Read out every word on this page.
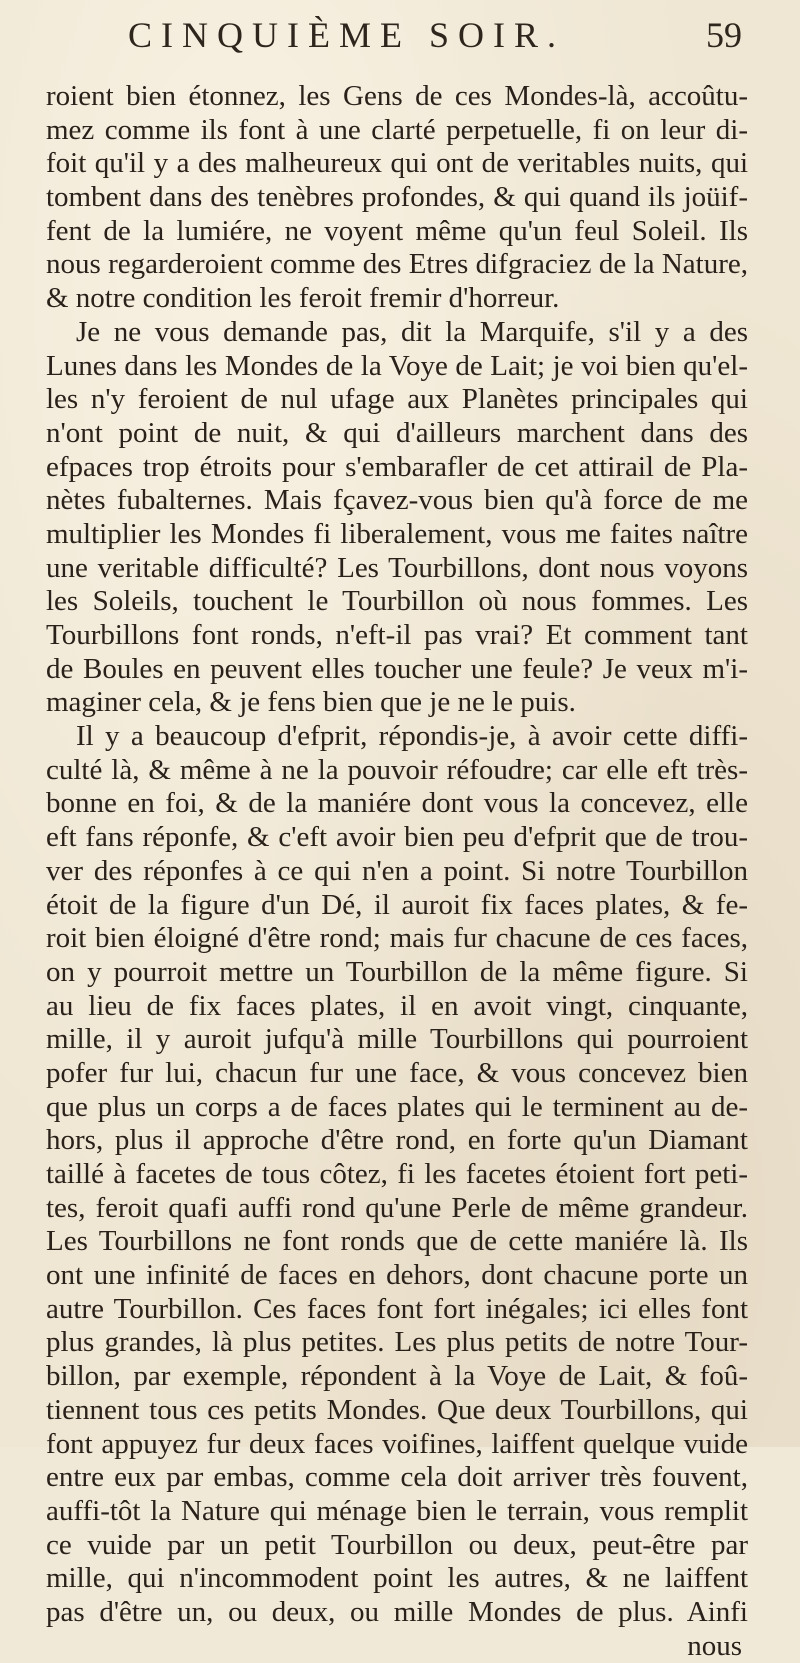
CINQUIÈME SOIR.	59
roient bien étonnez, les Gens de ces Mondes-là, accoûtu-
mez comme ils font à une clarté perpetuelle, fi on leur di-
foit qu'il y a des malheureux qui ont de veritables nuits, qui
tombent dans des tenèbres profondes, & qui quand ils joüif-
fent de la lumiére, ne voyent même qu'un feul Soleil. Ils
nous regarderoient comme des Etres difgraciez de la Nature,
& notre condition les feroit fremir d'horreur.
Je ne vous demande pas, dit la Marquife, s'il y a des
Lunes dans les Mondes de la Voye de Lait; je voi bien qu'el-
les n'y feroient de nul ufage aux Planètes principales qui
n'ont point de nuit, & qui d'ailleurs marchent dans des
efpaces trop étroits pour s'embarafler de cet attirail de Pla-
nètes fubalternes. Mais fçavez-vous bien qu'à force de me
multiplier les Mondes fi liberalement, vous me faites naître
une veritable difficulté? Les Tourbillons, dont nous voyons
les Soleils, touchent le Tourbillon où nous fommes. Les
Tourbillons font ronds, n'eft-il pas vrai? Et comment tant
de Boules en peuvent elles toucher une feule? Je veux m'i-
maginer cela, & je fens bien que je ne le puis.
Il y a beaucoup d'efprit, répondis-je, à avoir cette diffi-
culté là, & même à ne la pouvoir réfoudre; car elle eft très-
bonne en foi, & de la maniére dont vous la concevez, elle
eft fans réponfe, & c'eft avoir bien peu d'efprit que de trou-
ver des réponfes à ce qui n'en a point. Si notre Tourbillon
étoit de la figure d'un Dé, il auroit fix faces plates, & fe-
roit bien éloigné d'être rond; mais fur chacune de ces faces,
on y pourroit mettre un Tourbillon de la même figure. Si
au lieu de fix faces plates, il en avoit vingt, cinquante,
mille, il y auroit jufqu'à mille Tourbillons qui pourroient
pofer fur lui, chacun fur une face, & vous concevez bien
que plus un corps a de faces plates qui le terminent au de-
hors, plus il approche d'être rond, en forte qu'un Diamant
taillé à facetes de tous côtez, fi les facetes étoient fort peti-
tes, feroit quafi auffi rond qu'une Perle de même grandeur.
Les Tourbillons ne font ronds que de cette maniére là. Ils
ont une infinité de faces en dehors, dont chacune porte un
autre Tourbillon. Ces faces font fort inégales; ici elles font
plus grandes, là plus petites. Les plus petits de notre Tour-
billon, par exemple, répondent à la Voye de Lait, & foû-
tiennent tous ces petits Mondes. Que deux Tourbillons, qui
font appuyez fur deux faces voifines, laiffent quelque vuide
entre eux par embas, comme cela doit arriver très fouvent,
auffi-tôt la Nature qui ménage bien le terrain, vous remplit
ce vuide par un petit Tourbillon ou deux, peut-être par
mille, qui n'incommodent point les autres, & ne laiffent
pas d'être un, ou deux, ou mille Mondes de plus. Ainfi
nous
